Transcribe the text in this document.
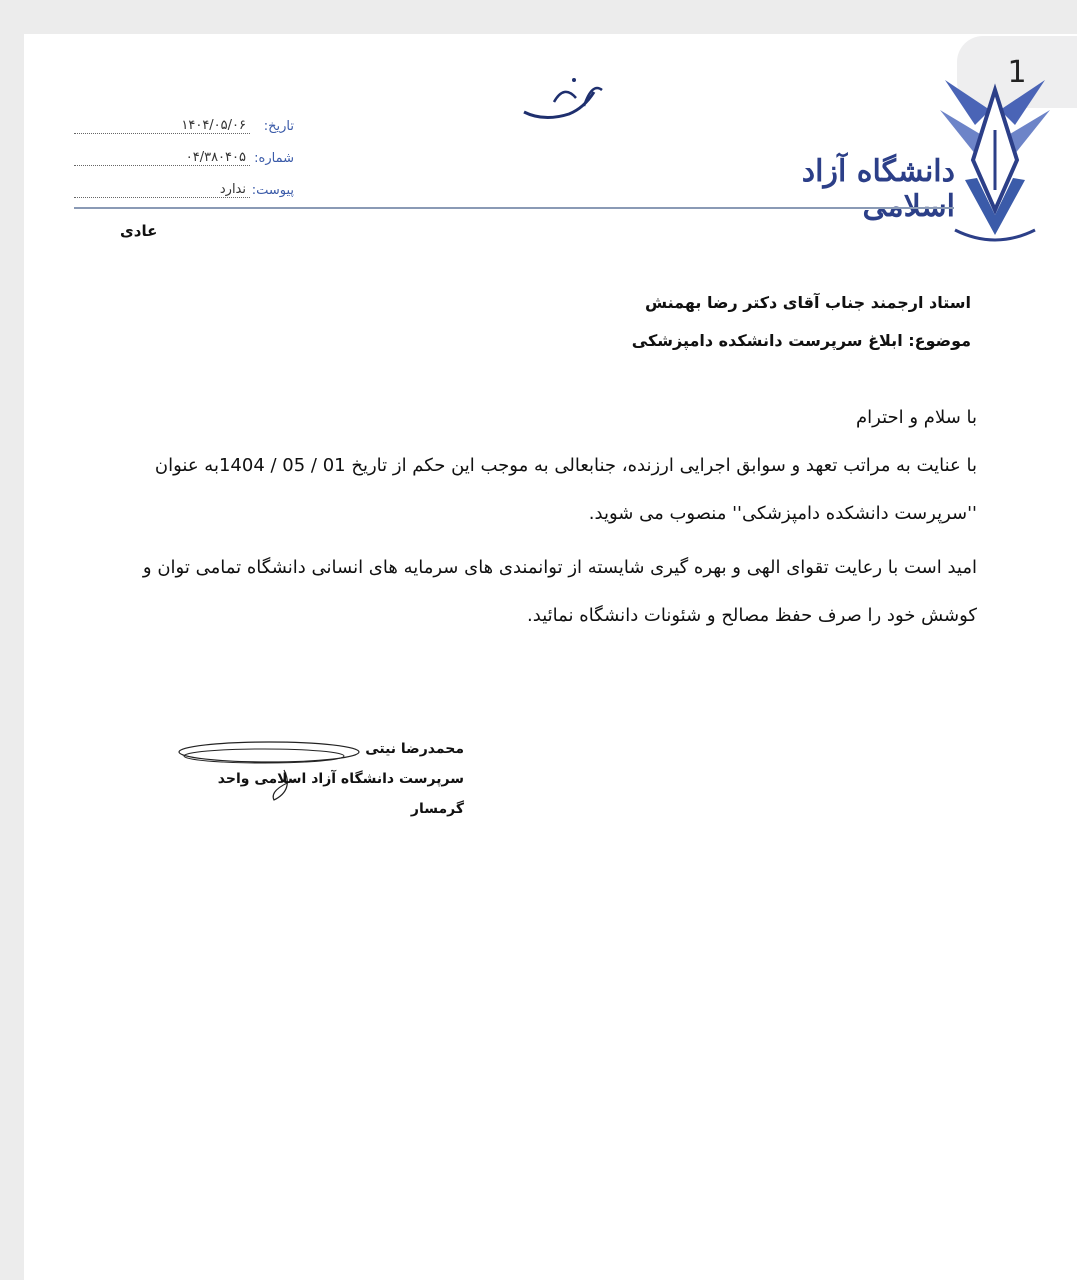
1
تاریخ:
۱۴۰۴/۰۵/۰۶
شماره:
۰۴/۳۸۰۴۰۵
پیوست:
ندارد
دانشگاه آزاد اسلامی
عادی
استاد ارجمند جناب آقای دکتر رضا بهمنش
موضوع: ابلاغ سرپرست دانشکده دامپزشکی

با سلام و احترام

با عنایت به مراتب تعهد و سوابق اجرایی ارزنده، جنابعالی به موجب این حکم از تاریخ 01 / 05 / 1404به عنوان ''سرپرست دانشکده دامپزشکی'' منصوب می شوید.

امید است با رعایت تقوای الهی و بهره گیری شایسته از توانمندی های سرمایه های انسانی دانشگاه تمامی توان و کوشش خود را صرف حفظ مصالح و شئونات دانشگاه نمائید.

محمدرضا نیتی
سرپرست دانشگاه آزاد اسلامی واحد گرمسار
